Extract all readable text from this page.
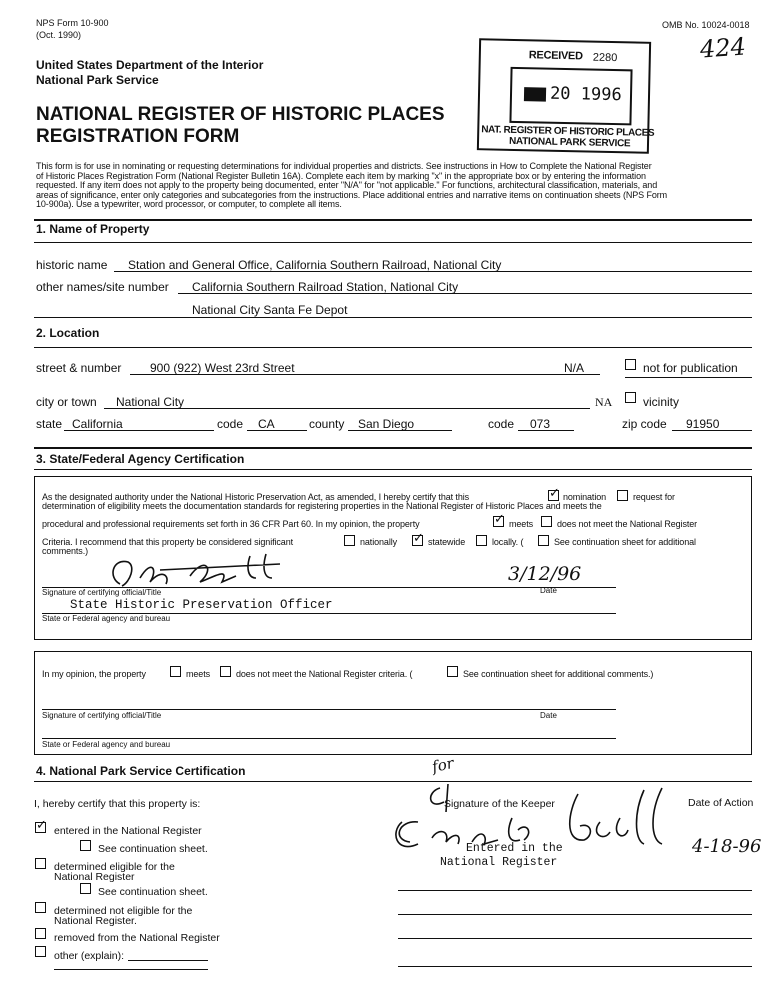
NPS Form 10-900
(Oct. 1990)
OMB No. 10024-0018
424
United States Department of the Interior
National Park Service
NATIONAL REGISTER OF HISTORIC PLACES
REGISTRATION FORM
RECEIVED 2280
20 1996
NAT. REGISTER OF HISTORIC PLACES
NATIONAL PARK SERVICE
This form is for use in nominating or requesting determinations for individual properties and districts. See instructions in How to Complete the National Register
of Historic Places Registration Form (National Register Bulletin 16A). Complete each item by marking "x" in the appropriate box or by entering the information
requested. If any item does not apply to the property being documented, enter "N/A" for "not applicable." For functions, architectural classification, materials, and
areas of significance, enter only categories and subcategories from the instructions. Place additional entries and narrative items on continuation sheets (NPS Form
10-900a). Use a typewriter, word processor, or computer, to complete all items.
1. Name of Property
historic name Station and General Office, California Southern Railroad, National City
other names/site number California Southern Railroad Station, National City
National City Santa Fe Depot
2. Location
street & number 900 (922) West 23rd Street	N/A	not for publication
city or town National City	NA	vicinity
state California	code CA	county San Diego	code 073	zip code 91950
3. State/Federal Agency Certification
As the designated authority under the National Historic Preservation Act, as amended, I hereby certify that this ✓	nomination	request for
determination of eligibility meets the documentation standards for registering properties in the National Register of Historic Places and meets the
procedural and professional requirements set forth in 36 CFR Part 60. In my opinion, the property ✓	meets	does not meet the National Register
Criteria. I recommend that this property be considered significant	nationally ✓	statewide	locally. (	See continuation sheet for additional
comments.)
3/12/96
Signature of certifying official/Title	Date
State Historic Preservation Officer
State or Federal agency and bureau
In my opinion, the property	meets	does not meet the National Register criteria. (	See continuation sheet for additional comments.)
Signature of certifying official/Title	Date
State or Federal agency and bureau
4. National Park Service Certification
I, hereby certify that this property is:	Signature of the Keeper	Date of Action
✓
entered in the National Register
See continuation sheet.
determined eligible for the
National Register
See continuation sheet.
determined not eligible for the
National Register.
removed from the National Register
other (explain):
4-18-96
Entered in the
National Register
for
